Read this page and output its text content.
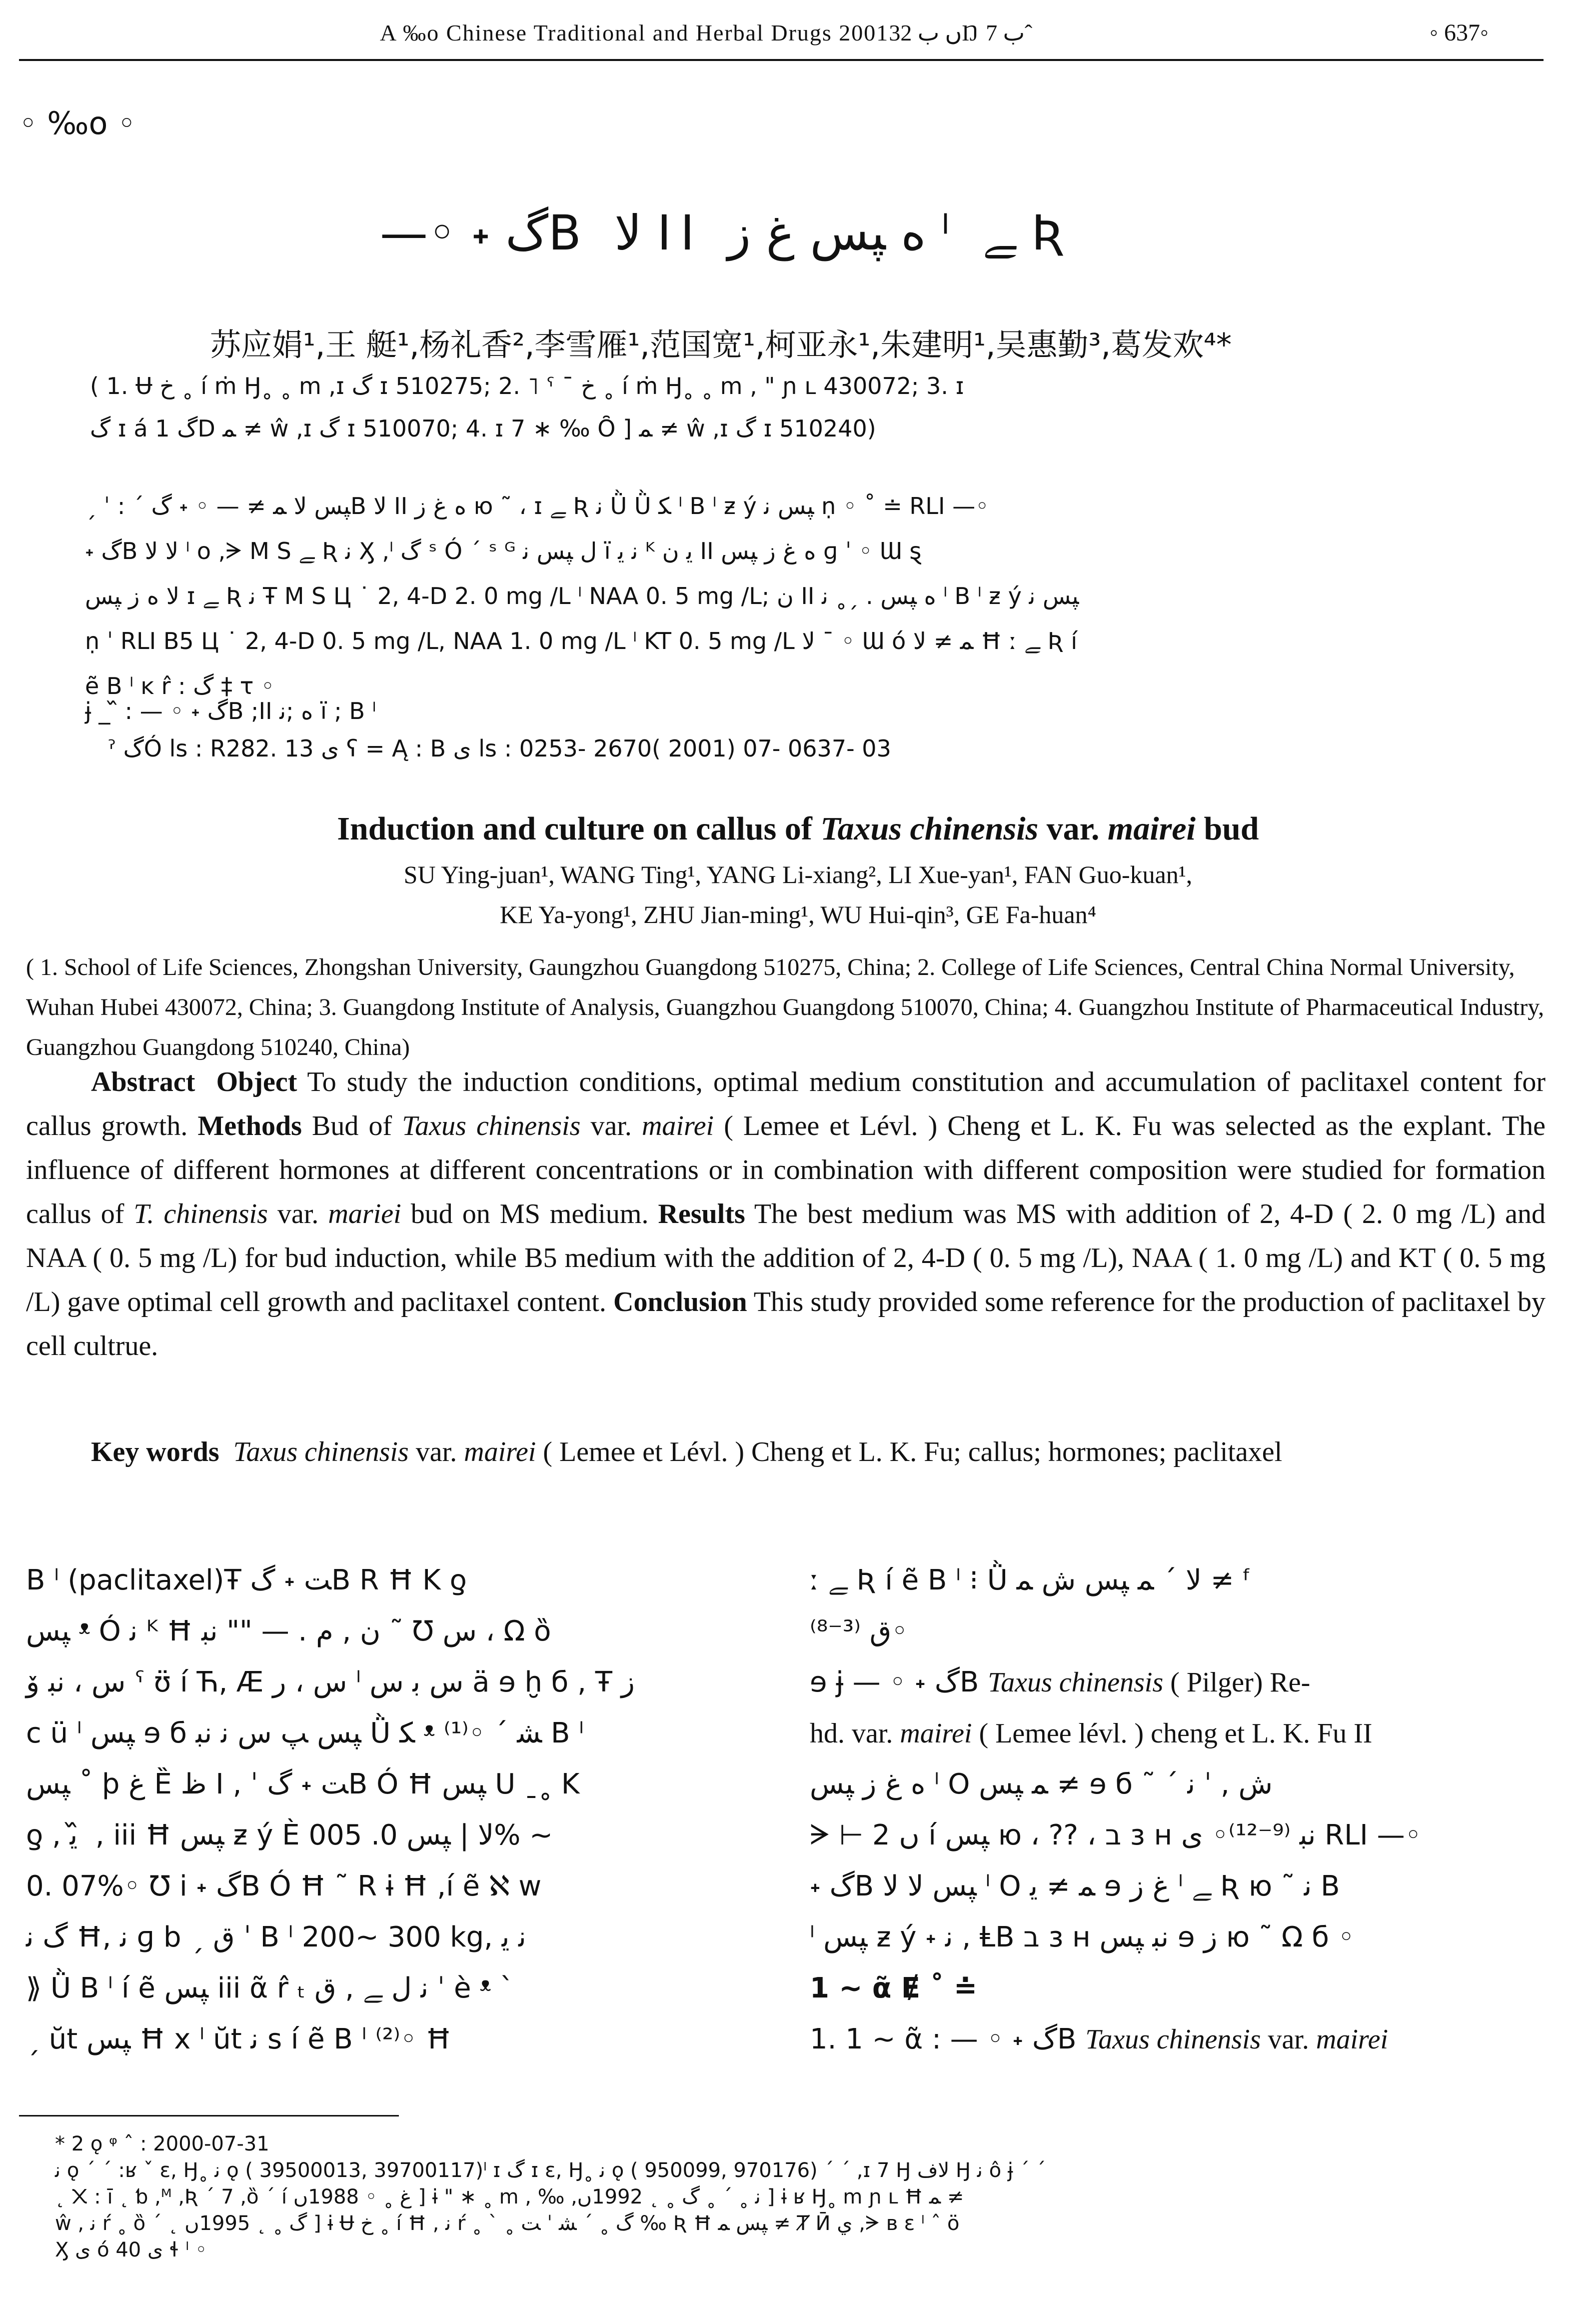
A ‰o Chinese Traditional and Herbal Drugs 2001ں ب 32Ŋ ب 7ˆ	◦ 637◦
◦ ‰o ◦
—◦ ˖ گB ﻻ II ﻩ ﭙﺲ ﻍ ﺯ ˡ ﮯ Ʀ
苏应娟¹,王 艇¹,杨礼香²,李雪雁¹,范国宽¹,柯亚永¹,朱建明¹,吴惠勤³,葛发欢⁴*
( 1. Ʉ خ ˳ í ṁ Ӈ˳ ˳ m ,ɪ گ ɪ 510275; 2. ˥ ˁ ˉ خ ˳ í ṁ Ӈ˳ ˳ m , " ɲ ʟ 430072; 3. ɪ
گ ɪ á 1 گD ﻤ ≠ ŵ ,ɪ گ ɪ 510070; 4. ɪ 7 ∗ ‰ Ȏ ] ﻤ ≠ ŵ ,ɪ گ ɪ 510240)
ˏ ˈ : ˊ ﭙﺲ ﻻ ﻤ ≠ — ◦ ˖ گB ﻻ II ﻩ ﻍ ﺯ ю ˜ ، ɪ ﮯ Ʀ ﻧ Ǜ Ǜ ﮑ ˡ B ˡ ƶ ý ﭙﺲ ﻧ ṇ ◦ ˚ ≐ RLI —◦
˖ گB ﻻ ﻻ ˡ o ,ᗒ M S ﮯ Ʀ ﻧ Ӽ ,ˡ گ ˢ Ó ˊ ˢ ᴳ ﻝ ﭙﺲ ﻧ ï ﻧ ﯾ ᴷ ﯾ ﻥ II ﻩ ﻍ ﺯ ﭙﺲ ɡ ˈ ◦ Ɯ ȿ
ﻻ ﻩ ﺯ ﭙﺲ ɪ ﮯ Ʀ ﻧ Ŧ M S Ц ˙ 2, 4-D 2. 0 mg /L ˡ NAA 0. 5 mg /L; ﻥ II ﻩ ﭙﺲ . ˏ˳ ﻧ ˡ B ˡ ƶ ý ﭙﺲ ﻧ
ṇ ˈ RLI B5 Ц ˙ 2, 4-D 0. 5 mg /L, NAA 1. 0 mg /L ˡ KT 0. 5 mg /L ﻻ ¯ ◦ Ɯ ó ﻤ ≠ ﻻ Ħ ː ﮯ Ʀ í
ẽ B ˡ ĸ r̂ : گ ‡ τ ◦
ɉ _ ᷈ : — ◦ ˖ گB ;II ﻩ ;ﻧ ï ; B ˡ
ˀ گÓ ls : R282. 13 ی ʕ = Ą : B ی ls : 0253- 2670( 2001) 07- 0637- 03
Induction and culture on callus of Taxus chinensis var. mairei bud
SU Ying-juan¹, WANG Ting¹, YANG Li-xiang², LI Xue-yan¹, FAN Guo-kuan¹,
KE Ya-yong¹, ZHU Jian-ming¹, WU Hui-qin³, GE Fa-huan⁴
( 1. School of Life Sciences, Zhongshan University, Gaungzhou Guangdong 510275, China; 2. College of Life Sciences, Central China Normal University, Wuhan Hubei 430072, China; 3. Guangdong Institute of Analysis, Guangzhou Guangdong 510070, China; 4. Guangzhou Institute of Pharmaceutical Industry, Guangzhou Guangdong 510240, China)
Abstract Object To study the induction conditions, optimal medium constitution and accumulation of paclitaxel content for callus growth. Methods Bud of Taxus chinensis var. mairei ( Lemee et Lévl. ) Cheng et L. K. Fu was selected as the explant. The influence of different hormones at different concentrations or in combination with different composition were studied for formation callus of T. chinensis var. mariei bud on MS medium. Results The best medium was MS with addition of 2, 4-D ( 2. 0 mg /L) and NAA ( 0. 5 mg /L) for bud induction, while B5 medium with the addition of 2, 4-D ( 0. 5 mg /L), NAA ( 1. 0 mg /L) and KT ( 0. 5 mg /L) gave optimal cell growth and paclitaxel content. Conclusion This study provided some reference for the production of paclitaxel by cell cultrue.
Key words Taxus chinensis var. mairei ( Lemee et Lévl. ) Cheng et L. K. Fu; callus; hormones; paclitaxel
B ˡ (paclitaxel)Ŧ ﺖ ˖ گB R Ħ K ƍ
ﭙﺲ ᵜ Ó ﻧ ᴷ Ħ ﻥ , ﻡ . — "" ﻧﺒ ˜ Ʊ ﺱ ، Ω ȍ
ﺱ ، ﻧﺒ ﯙ ˤ ʊ̈ í Ћ, Æ ﺱ ، ﺭ ˡ ﺱ ﺑ ﺱ ä ɘ ḫ б , Ŧ ﺯ
c ü ˡ ﭙﺲ ɘ б ﭙﺲ ﭗ ﺱ ﻧ ﻧﺒ Ǜ ﮑ ᵜ ⁽¹⁾◦ ˊ ﺸ B ˡ
ﭙﺲ ˚ þ ﻍ Ȅ ﻅ I , ˈ ﺖ ˖ گB Ó Ħ ﭙﺲ U ˍ˳ K
ƍ , ﯾ ᷈ , iii Ħ ﭙﺲ ƶ ý È ﻻ | ﭙﺲ 0. 005% ~
0. 07%◦ Ʊ i ˖ گB Ó Ħ ˜ R ɨ Ħ ,í ẽ ℵ w
گ ﻧ Ħ, ﻧ ɡ b ˏ ﻕ ˈ B ˡ 200~ 300 kg, ﻧ ﯾ
⟫ Ǜ B ˡ í ẽ ﭙﺲ iii ᾶ r̂ ₜ ﻧ ﻝ ﮯ , ﻕ ˈ è ᵜ ˋ
ˏ ŭt ﭙﺲ Ħ x ˡ ŭt ﻧ s í ẽ B ˡ ⁽²⁾◦ Ħ
ː ﮯ Ʀ í ẽ B ˡ ⁝ Ǜ ﻻ ˊ ﻤ ﭙﺲ ﺵ ﻤ ≠ ᶠ
ﻕ ⁽³⁻⁸⁾◦
ɘ ɉ — ◦ ˖ گB Taxus chinensis ( Pilger) Re-
hd. var. mairei ( Lemee lévl. ) cheng et L. K. Fu II
ﻩ ﻍ ﺯ ﭙﺲ ˡ O ﻤ ﭙﺲ ≠ ɘ б ˜ ˊ ﺵ , ˈ ﻧ
ᗒ ⊢ 2 ں í ﭙﺲ ю ، ?? ، ב з ʜ ﻧﺒ ⁽⁹⁻¹²⁾◦ ی RLI —◦
˖ گB ﭙﺲ ﻻ ﻻ ˡ O ﻤ ≠ ﯾ ɘ ﻍ ﺯ ˡ ﮯ Ʀ ю ˜ ﻧ B
ˡ ﭙﺲ ƶ ý ˖ ﻧ , ⱠB ב з ʜ ﻧﺒ ﭙﺲ ɘ ﺯ ю ˜ Ω б ◦
1 ~ ᾶ Ɇ ˚ ≐
1. 1 ~ ᾶ : — ◦ ˖ گB Taxus chinensis var. mairei
* 2 ǫ ᵠ ˆ : 2000-07-31
ﻧ ǫ ˊ ˊ :ʁ ˇ ε, Ӈ˳ ﻧ ǫ ( 39500013, 39700117)ˡ ɪ گ ɪ ε, Ӈ˳ ﻧ ǫ ( 950099, 970176) ˊ ˊ ,ɪ 7 Ӈ ﻻﻑ Ӈ ﻧ ô ɉ ˊ ˊ
˛ ᙭ : ī ˛ ƅ ,ᴹ ,Ʀ ˊ 7 ,ȍ ˊ í ﻍ ˳ ◦ 1988ں ] ɨ " ∗ ˳ m , ‰ ,ﻧ ˳ ˊ ˳ گ ˳ ˛ 1992ں ] ɨ ʁ Ӈ˳ m ɲ ʟ Ħ ﻤ ≠
ŵ , ﻧ ŕ ˳ ȍ ˊ ˛ گ ˳ ˛ 1995ں ] ɨ Ʉ خ ˳ í Ħ , ﻧ ŕ ˳ ˋ ˳ گ ˳ ˊ ﺸ ˈ ﺖ ‰ Ʀ Ħ ﭙﺲ ﻤ ≠ Ⱦ Ӣ ﻱ ,ᗒ ʙ ε ˡ ˆ ö
Ӽ ی ó ی 40 ɬ ˡ ◦
